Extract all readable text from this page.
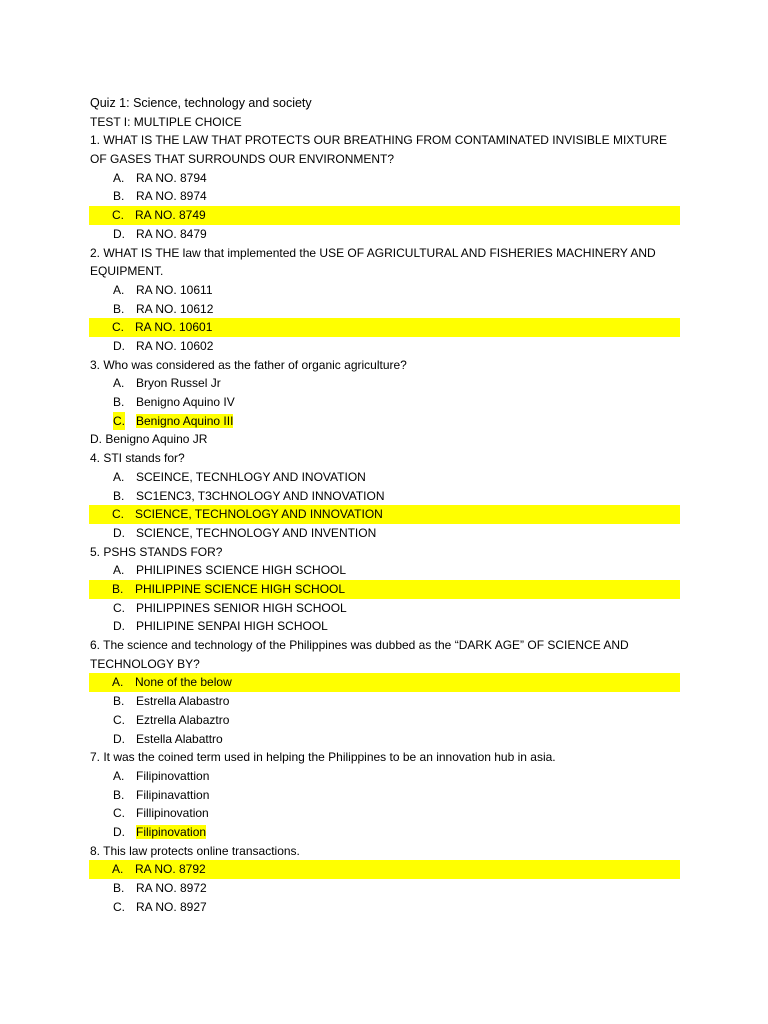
Quiz 1: Science, technology and society
TEST I: MULTIPLE CHOICE
1. WHAT IS THE LAW THAT PROTECTS OUR BREATHING FROM CONTAMINATED INVISIBLE MIXTURE OF GASES THAT SURROUNDS OUR ENVIRONMENT?
A. RA NO. 8794
B. RA NO. 8974
C. RA NO. 8749
D. RA NO. 8479
2. WHAT IS THE law that implemented the USE OF AGRICULTURAL AND FISHERIES MACHINERY AND EQUIPMENT.
A. RA NO. 10611
B. RA NO. 10612
C. RA NO. 10601
D. RA NO. 10602
3. Who was considered as the father of organic agriculture?
A. Bryon Russel Jr
B. Benigno Aquino IV
C. Benigno Aquino III
D. Benigno Aquino JR
4. STI stands for?
A. SCEINCE, TECNHLOGY AND INOVATION
B. SC1ENC3, T3CHNOLOGY AND INNOVATION
C. SCIENCE, TECHNOLOGY AND INNOVATION
D. SCIENCE, TECHNOLOGY AND INVENTION
5. PSHS STANDS FOR?
A. PHILIPINES SCIENCE HIGH SCHOOL
B. PHILIPPINE SCIENCE HIGH SCHOOL
C. PHILIPPINES SENIOR HIGH SCHOOL
D. PHILIPINE SENPAI HIGH SCHOOL
6. The science and technology of the Philippines was dubbed as the “DARK AGE” OF SCIENCE AND TECHNOLOGY BY?
A. None of the below
B. Estrella Alabastro
C. Eztrella Alabaztro
D. Estella Alabattro
7. It was the coined term used in helping the Philippines to be an innovation hub in asia.
A. Filipinovattion
B. Filipinavattion
C. Fillipinovation
D. Filipinovation
8. This law protects online transactions.
A. RA NO. 8792
B. RA NO. 8972
C. RA NO. 8927
